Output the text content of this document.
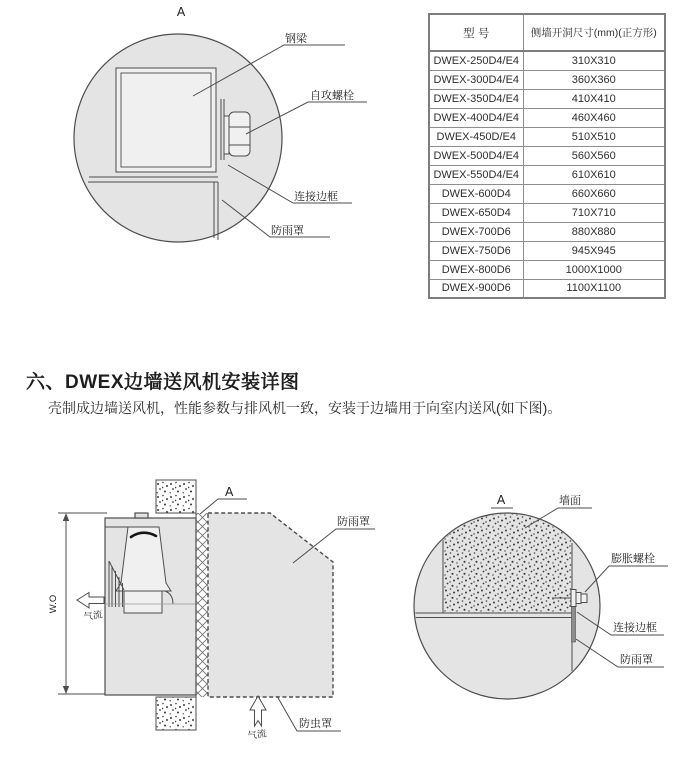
A
钢梁
自攻螺栓
连接边框
防雨罩
型 号	侧墙开洞尺寸(mm)(正方形)
DWEX-250D4/E4	310X310
DWEX-300D4/E4	360X360
DWEX-350D4/E4	410X410
DWEX-400D4/E4	460X460
DWEX-450D/E4	510X510
DWEX-500D4/E4	560X560
DWEX-550D4/E4	610X610
DWEX-600D4	660X660
DWEX-650D4	710X710
DWEX-700D6	880X880
DWEX-750D6	945X945
DWEX-800D6	1000X1000
DWEX-900D6	1100X1100
六、DWEX边墙送风机安装详图
壳制成边墙送风机，性能参数与排风机一致，安装于边墙用于向室内送风(如下图)。
W.O
A
防雨罩
防虫罩
气流
气流
A	墙面
膨胀螺栓
连接边框
防雨罩
